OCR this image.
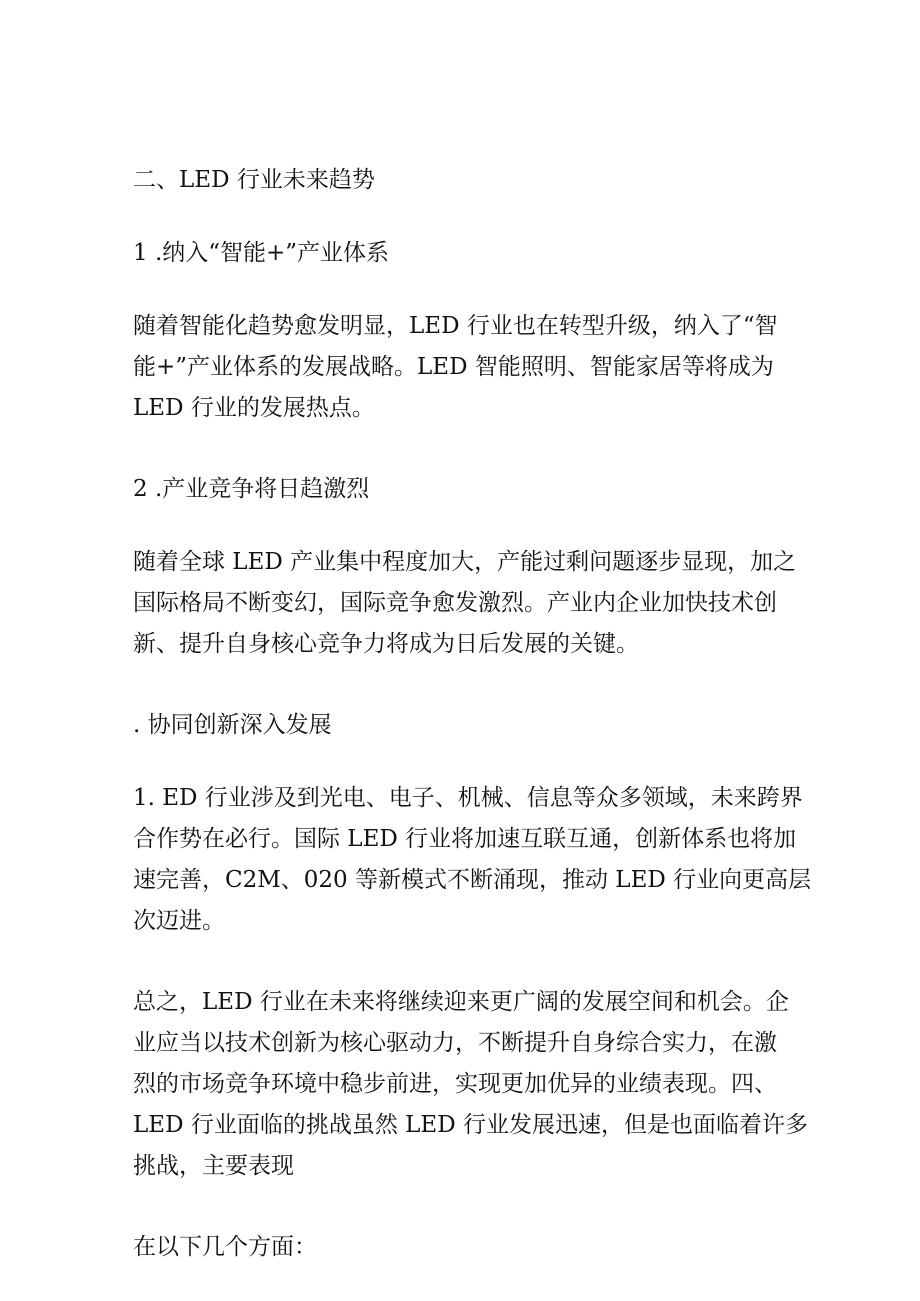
二、LED 行业未来趋势
1 .纳入“智能+”产业体系
随着智能化趋势愈发明显，LED 行业也在转型升级，纳入了“智
能+”产业体系的发展战略。LED 智能照明、智能家居等将成为
LED 行业的发展热点。
2 .产业竞争将日趋激烈
随着全球 LED 产业集中程度加大，产能过剩问题逐步显现，加之
国际格局不断变幻，国际竞争愈发激烈。产业内企业加快技术创
新、提升自身核心竞争力将成为日后发展的关键。
. 协同创新深入发展
1. ED 行业涉及到光电、电子、机械、信息等众多领域，未来跨界
合作势在必行。国际 LED 行业将加速互联互通，创新体系也将加
速完善，C2M、020 等新模式不断涌现，推动 LED 行业向更高层
次迈进。
总之，LED 行业在未来将继续迎来更广阔的发展空间和机会。企
业应当以技术创新为核心驱动力，不断提升自身综合实力，在激
烈的市场竞争环境中稳步前进，实现更加优异的业绩表现。四、
LED 行业面临的挑战虽然 LED 行业发展迅速，但是也面临着许多
挑战，主要表现
在以下几个方面：
